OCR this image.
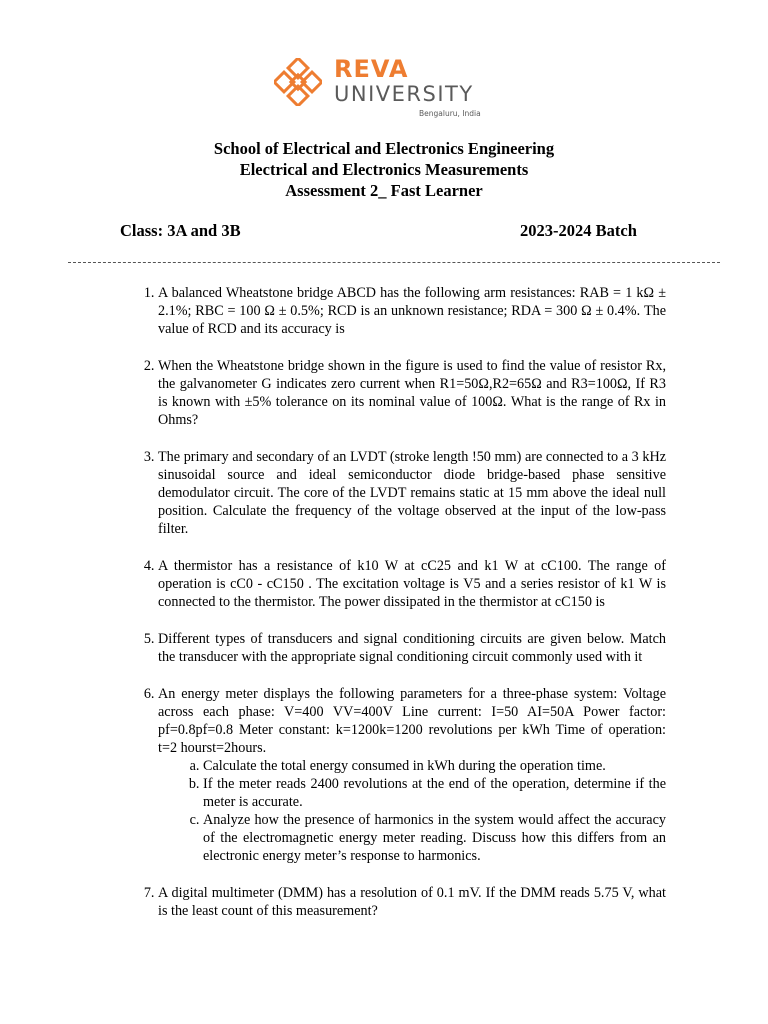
REVA
UNIVERSITY
Bengaluru, India
School of Electrical and Electronics Engineering
Electrical and Electronics Measurements
Assessment 2_ Fast Learner
Class: 3A and 3B	2023-2024 Batch
1. A balanced Wheatstone bridge ABCD has the following arm resistances: RAB = 1 kΩ ± 2.1%; RBC = 100 Ω ± 0.5%; RCD is an unknown resistance; RDA = 300 Ω ± 0.4%. The value of RCD and its accuracy is
2. When the Wheatstone bridge shown in the figure is used to find the value of resistor Rx, the galvanometer G indicates zero current when R1=50Ω,R2=65Ω and R3=100Ω, If R3 is known with ±5% tolerance on its nominal value of 100Ω. What is the range of Rx in Ohms?
3. The primary and secondary of an LVDT (stroke length !50 mm) are connected to a 3 kHz sinusoidal source and ideal semiconductor diode bridge-based phase sensitive demodulator circuit. The core of the LVDT remains static at 15 mm above the ideal null position. Calculate the frequency of the voltage observed at the input of the low-pass filter.
4. A thermistor has a resistance of k10 W at cC25 and k1 W at cC100. The range of operation is cC0 - cC150 . The excitation voltage is V5 and a series resistor of k1 W is connected to the thermistor. The power dissipated in the thermistor at cC150 is
5. Different types of transducers and signal conditioning circuits are given below. Match the transducer with the appropriate signal conditioning circuit commonly used with it
6. An energy meter displays the following parameters for a three-phase system: Voltage across each phase: V=400 VV=400V Line current: I=50 AI=50A Power factor: pf=0.8pf=0.8 Meter constant: k=1200k=1200 revolutions per kWh Time of operation: t=2 hourst=2hours.
a. Calculate the total energy consumed in kWh during the operation time.
b. If the meter reads 2400 revolutions at the end of the operation, determine if the meter is accurate.
c. Analyze how the presence of harmonics in the system would affect the accuracy of the electromagnetic energy meter reading. Discuss how this differs from an electronic energy meter’s response to harmonics.
7. A digital multimeter (DMM) has a resolution of 0.1 mV. If the DMM reads 5.75 V, what is the least count of this measurement?
